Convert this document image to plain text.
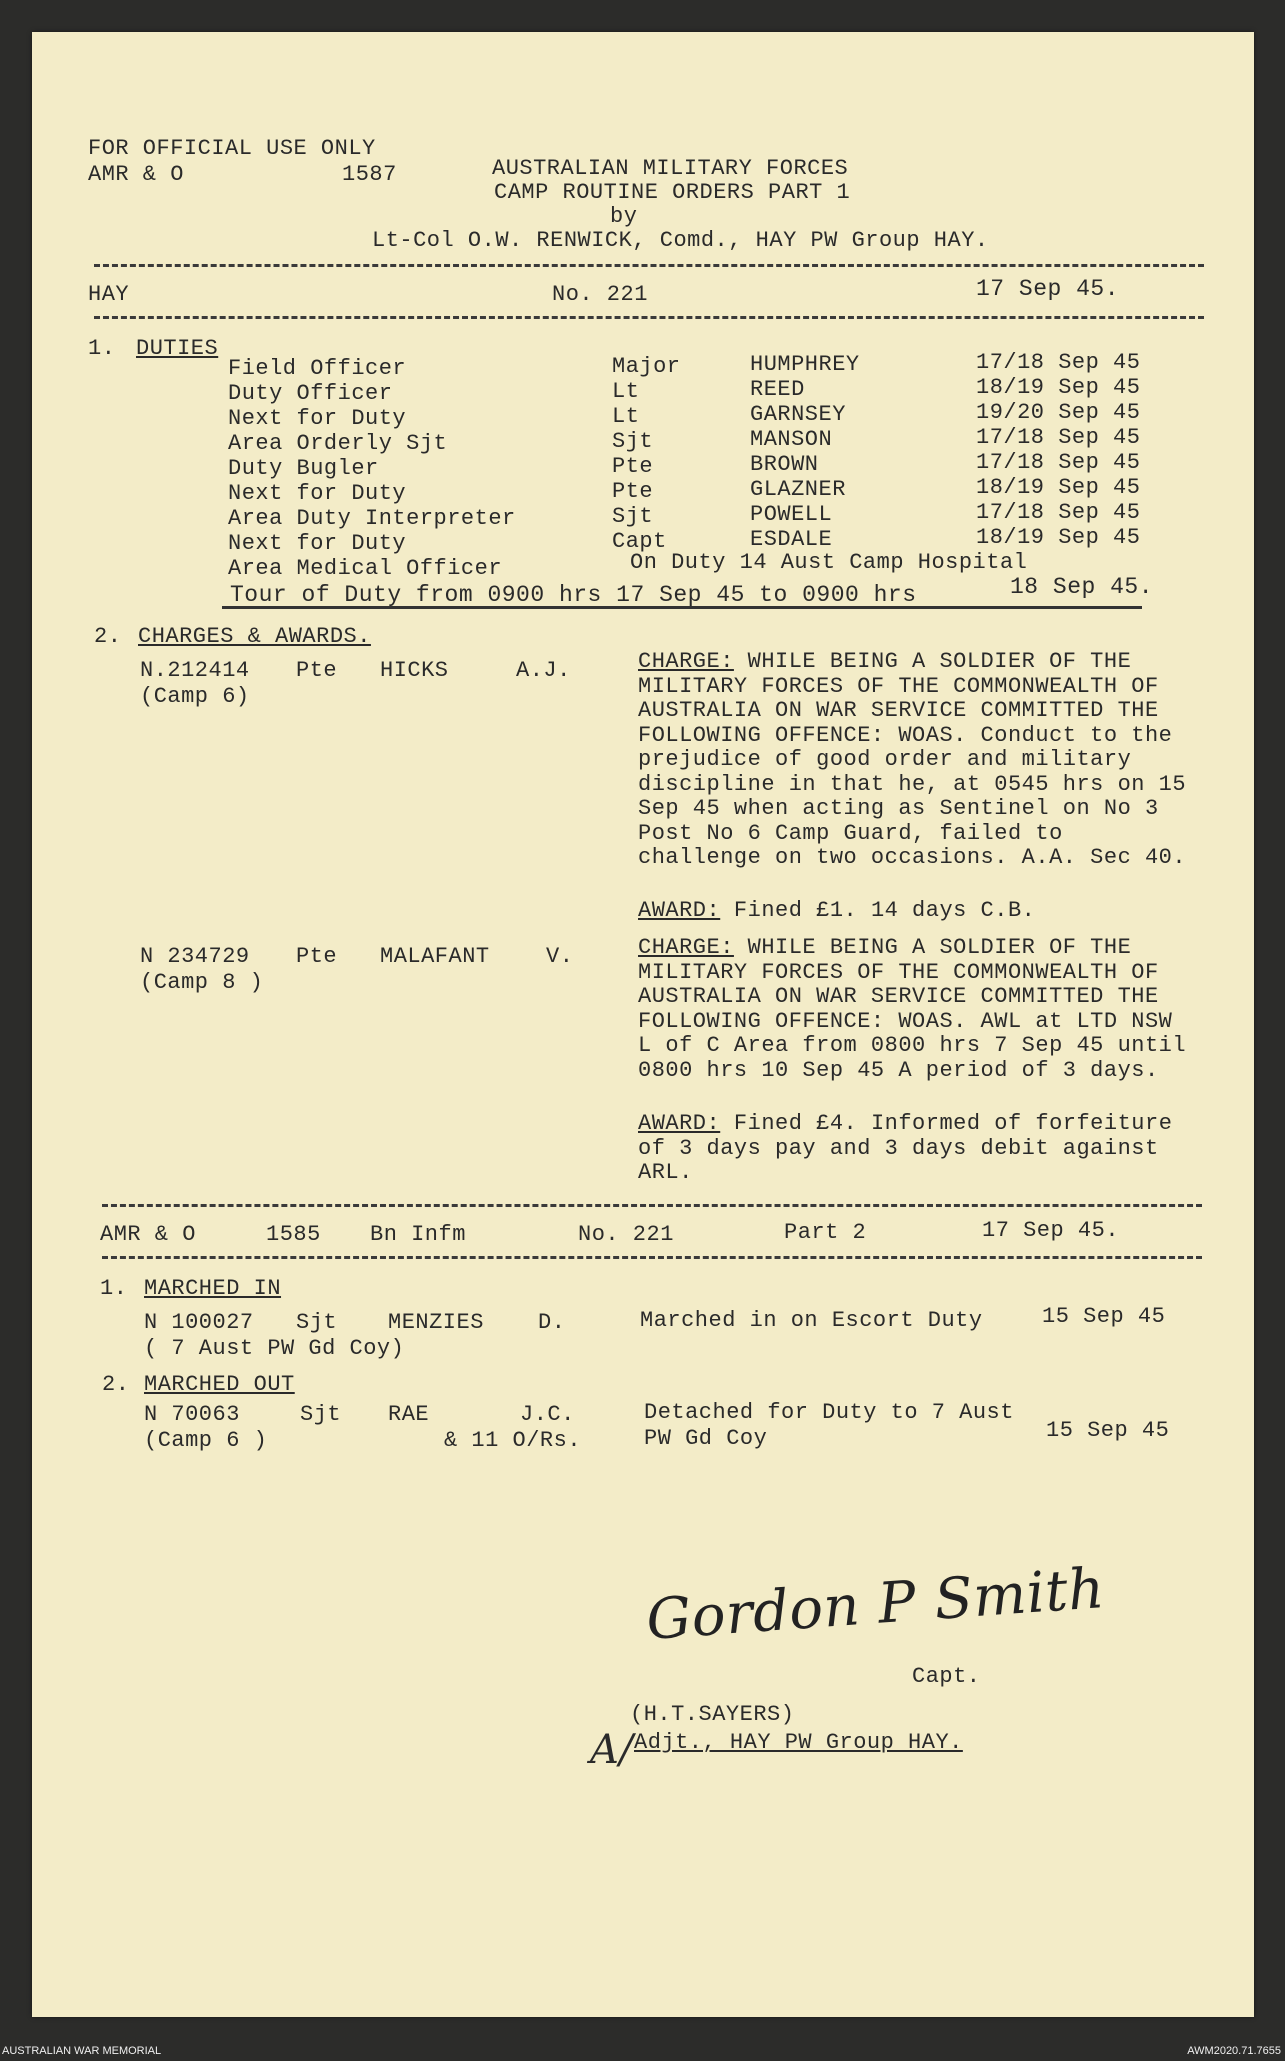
FOR OFFICIAL USE ONLY
AMR & O	1587	AUSTRALIAN MILITARY FORCES
CAMP ROUTINE ORDERS PART 1
by
Lt-Col O.W. RENWICK, Comd., HAY PW Group HAY.
HAY	No. 221	17 Sep 45.
1. DUTIES
Field Officer	Major	HUMPHREY	17/18 Sep 45
Duty Officer	Lt	REED	18/19 Sep 45
Next for Duty	Lt	GARNSEY	19/20 Sep 45
Area Orderly Sjt	Sjt	MANSON	17/18 Sep 45
Duty Bugler	Pte	BROWN	17/18 Sep 45
Next for Duty	Pte	GLAZNER	18/19 Sep 45
Area Duty Interpreter	Sjt	POWELL	17/18 Sep 45
Next for Duty	Capt	ESDALE	18/19 Sep 45
Area Medical Officer	On Duty 14 Aust Camp Hospital
Tour of Duty from 0900 hrs 17 Sep 45 to 0900 hrs	18 Sep 45.
2. CHARGES & AWARDS.
N.212414 Pte HICKS	A.J.
(Camp 6)
CHARGE: WHILE BEING A SOLDIER OF THE MILITARY FORCES OF THE COMMONWEALTH OF AUSTRALIA ON WAR SERVICE COMMITTED THE FOLLOWING OFFENCE: WOAS. Conduct to the prejudice of good order and military discipline in that he, at 0545 hrs on 15 Sep 45 when acting as Sentinel on No 3 Post No 6 Camp Guard, failed to challenge on two occasions. A.A. Sec 40.
AWARD: Fined £1. 14 days C.B.
N 234729 Pte MALAFANT	V.
(Camp 8 )
CHARGE: WHILE BEING A SOLDIER OF THE MILITARY FORCES OF THE COMMONWEALTH OF AUSTRALIA ON WAR SERVICE COMMITTED THE FOLLOWING OFFENCE: WOAS. AWL at LTD NSW L of C Area from 0800 hrs 7 Sep 45 until 0800 hrs 10 Sep 45 A period of 3 days.
AWARD: Fined £4. Informed of forfeiture of 3 days pay and 3 days debit against ARL.
AMR & O	1585 Bn Infm	No. 221	Part 2	17 Sep 45.
1. MARCHED IN
N 100027 Sjt MENZIES D.
( 7 Aust PW Gd Coy)
Marched in on Escort Duty	15 Sep 45
2. MARCHED OUT
N 70063	Sjt RAE	J.C.
(Camp 6 )	& 11 O/Rs.
Detached for Duty to 7 Aust
PW Gd Coy	15 Sep 45
Gordon P Smith
Capt.
(H.T.SAYERS)
A/ Adjt., HAY PW Group HAY.
AUSTRALIAN WAR MEMORIAL	AWM2020.71.7655
